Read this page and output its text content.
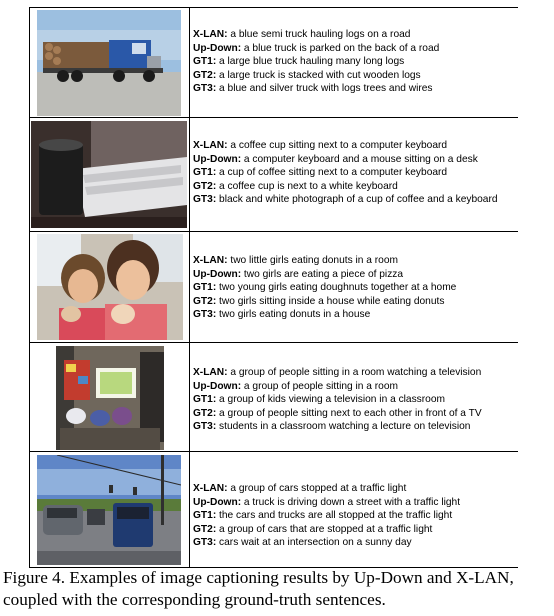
X-LAN: a blue semi truck hauling logs on a road
Up-Down: a blue truck is parked on the back of a road
GT1: a large blue truck hauling many long logs
GT2: a large truck is stacked with cut wooden logs
GT3: a blue and silver truck with logs trees and wires
X-LAN: a coffee cup sitting next to a computer keyboard
Up-Down: a computer keyboard and a mouse sitting on a desk
GT1: a cup of coffee sitting next to a computer keyboard
GT2: a coffee cup is next to a white keyboard
GT3: black and white photograph of a cup of coffee and a keyboard
X-LAN: two little girls eating donuts in a room
Up-Down: two girls are eating a piece of pizza
GT1: two young girls eating doughnuts together at a home
GT2: two girls sitting inside a house while eating donuts
GT3: two girls eating donuts in a house
X-LAN: a group of people sitting in a room watching a television
Up-Down: a group of people sitting in a room
GT1: a group of kids viewing a television in a classroom
GT2: a group of people sitting next to each other in front of a TV
GT3: students in a classroom watching a lecture on television
X-LAN: a group of cars stopped at a traffic light
Up-Down: a truck is driving down a street with a traffic light
GT1: the cars and trucks are all stopped at the traffic light
GT2: a group of cars that are stopped at a traffic light
GT3: cars wait at an intersection on a sunny day
Figure 4. Examples of image captioning results by Up-Down and X-LAN, coupled with the corresponding ground-truth sentences.
